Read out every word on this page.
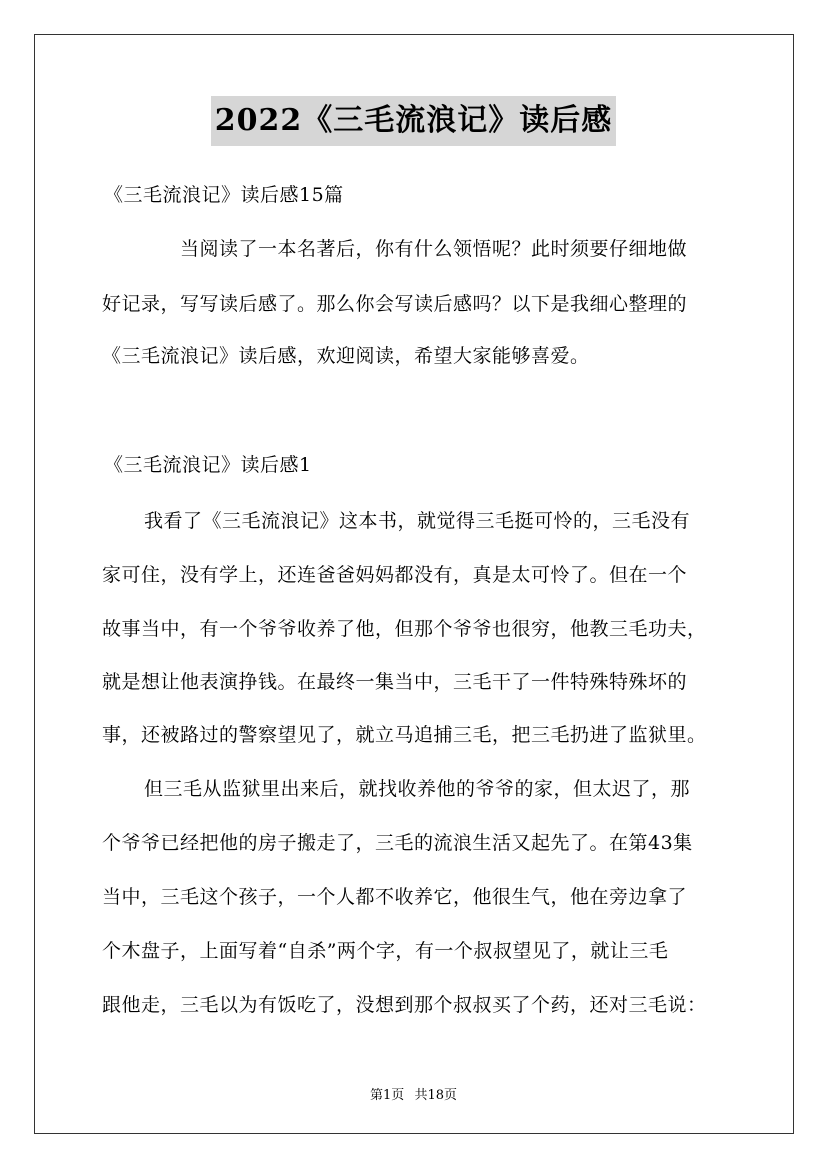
2022《三毛流浪记》读后感
《三毛流浪记》读后感15篇
当阅读了一本名著后，你有什么领悟呢？此时须要仔细地做
好记录，写写读后感了。那么你会写读后感吗？以下是我细心整理的
《三毛流浪记》读后感，欢迎阅读，希望大家能够喜爱。
《三毛流浪记》读后感1
我看了《三毛流浪记》这本书，就觉得三毛挺可怜的，三毛没有
家可住，没有学上，还连爸爸妈妈都没有，真是太可怜了。但在一个
故事当中，有一个爷爷收养了他，但那个爷爷也很穷，他教三毛功夫，
就是想让他表演挣钱。在最终一集当中，三毛干了一件特殊特殊坏的
事，还被路过的警察望见了，就立马追捕三毛，把三毛扔进了监狱里。
但三毛从监狱里出来后，就找收养他的爷爷的家，但太迟了，那
个爷爷已经把他的房子搬走了，三毛的流浪生活又起先了。在第43集
当中，三毛这个孩子，一个人都不收养它，他很生气，他在旁边拿了
个木盘子，上面写着“自杀”两个字，有一个叔叔望见了，就让三毛
跟他走，三毛以为有饭吃了，没想到那个叔叔买了个药，还对三毛说：
第1页 共18页
